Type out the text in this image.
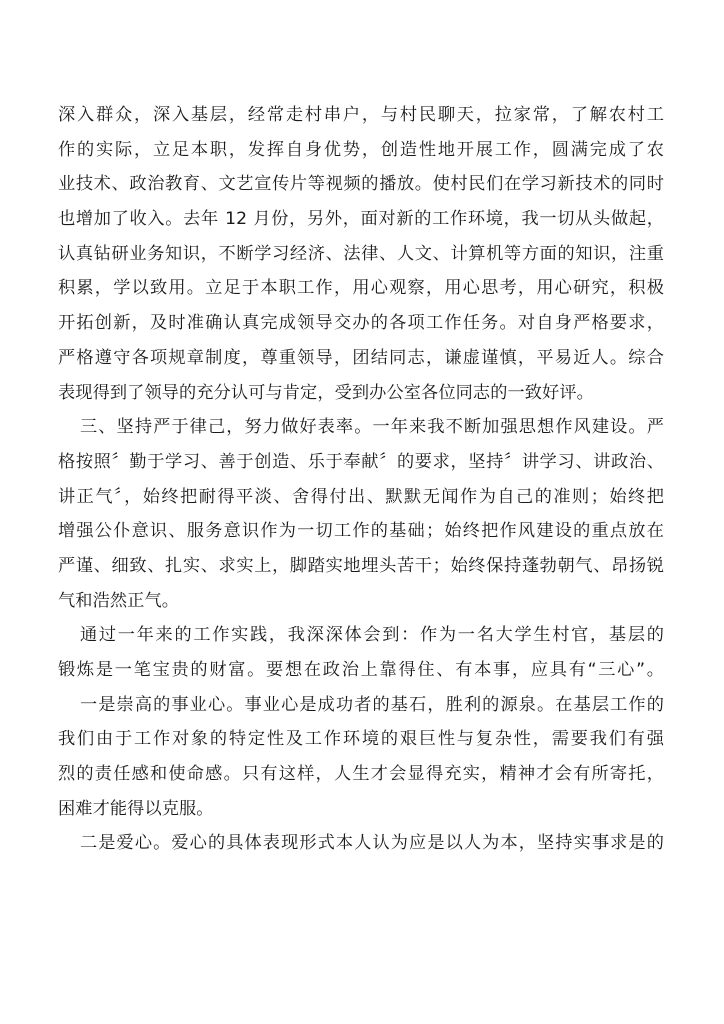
深入群众，深入基层，经常走村串户，与村民聊天，拉家常，了解农村工
作的实际，立足本职，发挥自身优势，创造性地开展工作，圆满完成了农
业技术、政治教育、文艺宣传片等视频的播放。使村民们在学习新技术的同时
也增加了收入。去年 12 月份，另外，面对新的工作环境，我一切从头做起，
认真钻研业务知识，不断学习经济、法律、人文、计算机等方面的知识，注重
积累，学以致用。立足于本职工作，用心观察，用心思考，用心研究，积极
开拓创新，及时准确认真完成领导交办的各项工作任务。对自身严格要求，
严格遵守各项规章制度，尊重领导，团结同志，谦虚谨慎，平易近人。综合
表现得到了领导的充分认可与肯定，受到办公室各位同志的一致好评。
三、坚持严于律己，努力做好表率。一年来我不断加强思想作风建设。严
格按照〞勤于学习、善于创造、乐于奉献〞的要求，坚持〞讲学习、讲政治、
讲正气〞，始终把耐得平淡、舍得付出、默默无闻作为自己的准则；始终把
增强公仆意识、服务意识作为一切工作的基础；始终把作风建设的重点放在
严谨、细致、扎实、求实上，脚踏实地埋头苦干；始终保持蓬勃朝气、昂扬锐
气和浩然正气。
通过一年来的工作实践，我深深体会到：作为一名大学生村官，基层的
锻炼是一笔宝贵的财富。要想在政治上靠得住、有本事，应具有“三心”。
一是崇高的事业心。事业心是成功者的基石，胜利的源泉。在基层工作的
我们由于工作对象的特定性及工作环境的艰巨性与复杂性，需要我们有强
烈的责任感和使命感。只有这样，人生才会显得充实，精神才会有所寄托，
困难才能得以克服。
二是爱心。爱心的具体表现形式本人认为应是以人为本，坚持实事求是的
